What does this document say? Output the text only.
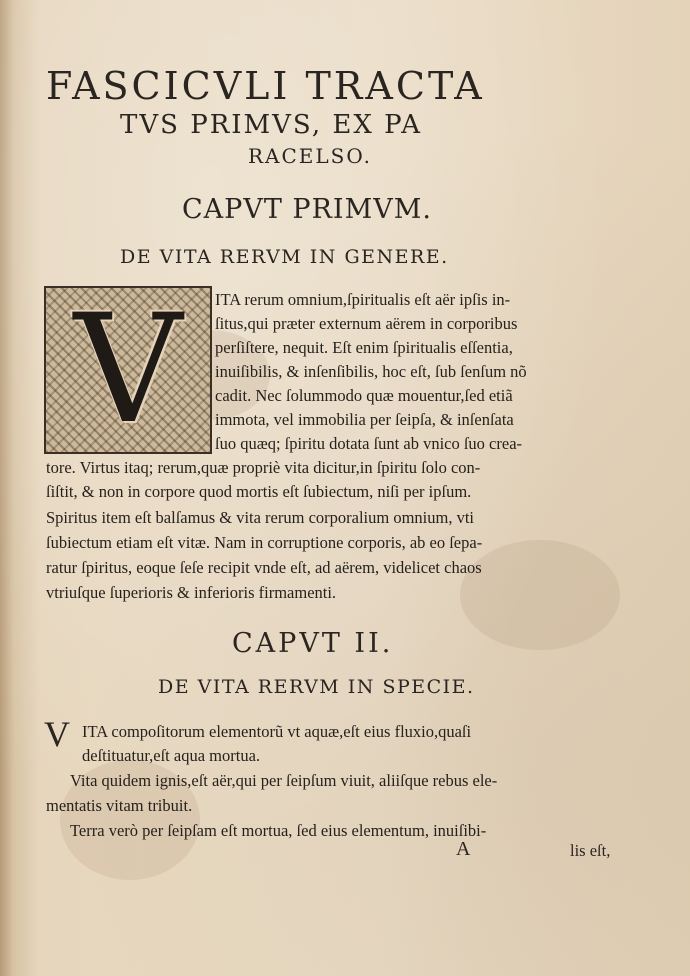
FASCICVLI TRACTA
TVS PRIMVS, EX PA
RACELSO.
CAPVT PRIMVM.
DE VITA RERVM IN GENERE.
V	ITA rerum omnium,ſpiritualis eſt aër ipſis in-

ſitus,qui præter externum aërem in corporibus

perſiſtere, nequit. Eſt enim ſpiritualis eſſentia,

inuiſibilis, & inſenſibilis, hoc eſt, ſub ſenſum nõ

cadit. Nec ſolummodo quæ mouentur,ſed etiã

immota, vel immobilia per ſeipſa, & inſenſata

ſuo quæq; ſpiritu dotata ſunt ab vnico ſuo crea-

tore. Virtus itaq; rerum,quæ propriè vita dicitur,in ſpiritu ſolo con-

ſiſtit, & non in corpore quod mortis eſt ſubiectum, niſi per ipſum.

Spiritus item eſt balſamus & vita rerum corporalium omnium, vti

ſubiectum etiam eſt vitæ. Nam in corruptione corporis, ab eo ſepa-

ratur ſpiritus, eoque ſeſe recipit vnde eſt, ad aërem, videlicet chaos

vtriuſque ſuperioris & inferioris firmamenti.

CAPVT II.
DE VITA RERVM IN SPECIE.

V ITA compoſitorum elementorũ vt aquæ,eſt eius fluxio,quaſi

deſtituatur,eſt aqua mortua.

Vita quidem ignis,eſt aër,qui per ſeipſum viuit, aliiſque rebus ele-

mentatis vitam tribuit.

Terra verò per ſeipſam eſt mortua, ſed eius elementum, inuiſibi-

A	lis eſt,
